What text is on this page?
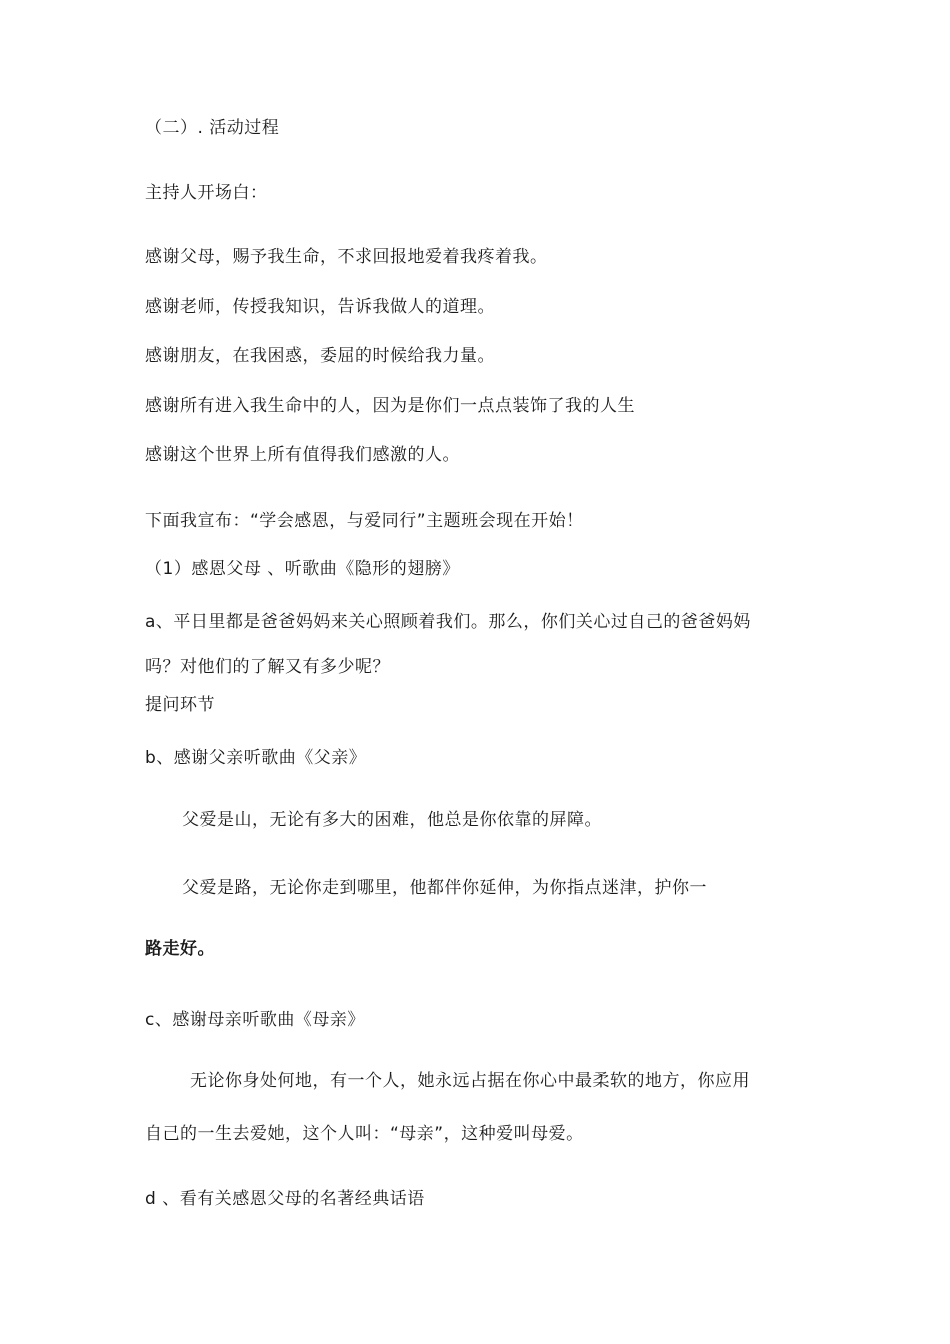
（二）. 活动过程
主持人开场白：
感谢父母，赐予我生命，不求回报地爱着我疼着我。
感谢老师，传授我知识，告诉我做人的道理。
感谢朋友，在我困惑，委屈的时候给我力量。
感谢所有进入我生命中的人，因为是你们一点点装饰了我的人生
感谢这个世界上所有值得我们感激的人。
下面我宣布：“学会感恩，与爱同行”主题班会现在开始！
（1）感恩父母 、听歌曲《隐形的翅膀》
a、平日里都是爸爸妈妈来关心照顾着我们。那么，你们关心过自己的爸爸妈妈
吗？对他们的了解又有多少呢？
提问环节
b、感谢父亲听歌曲《父亲》
父爱是山，无论有多大的困难，他总是你依靠的屏障。
父爱是路，无论你走到哪里，他都伴你延伸，为你指点迷津，护你一
路走好。
c、感谢母亲听歌曲《母亲》
无论你身处何地，有一个人，她永远占据在你心中最柔软的地方，你应用
自己的一生去爱她，这个人叫：“母亲”，这种爱叫母爱。
d 、看有关感恩父母的名著经典话语
